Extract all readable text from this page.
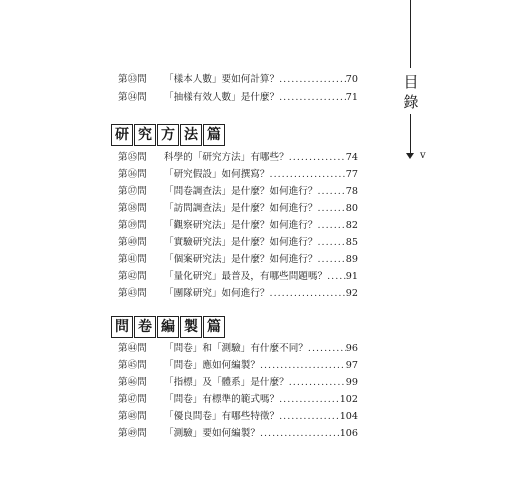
目
錄
v
第㉝問	「樣本人數」要如何計算？ .....	70
第㉞問	「抽樣有效人數」是什麼？ .....	71
研 究 方 法 篇
第㉟問	科學的「研究方法」有哪些？ .....	74
第㊱問	「研究假設」如何撰寫？ .....	77
第㊲問	「問卷調查法」是什麼？如何進行？ .....	78
第㊳問	「訪問調查法」是什麼？如何進行？ .....	80
第㊴問	「觀察研究法」是什麼？如何進行？ .....	82
第㊵問	「實驗研究法」是什麼？如何進行？ .....	85
第㊶問	「個案研究法」是什麼？如何進行？ .....	89
第㊷問	「量化研究」最普及，有哪些問題嗎？ ..... 91
第㊸問	「團隊研究」如何進行？ .....	92
問 卷 編 製 篇
第㊹問	「問卷」和「測驗」有什麼不同？ .....	96
第㊺問	「問卷」應如何編製？ .....	97
第㊻問	「指標」及「體系」是什麼？ .....	99
第㊼問	「問卷」有標準的範式嗎？ .....	102
第㊽問	「優良問卷」有哪些特徵？ .....	104
第㊾問	「測驗」要如何編製？ .....	106
